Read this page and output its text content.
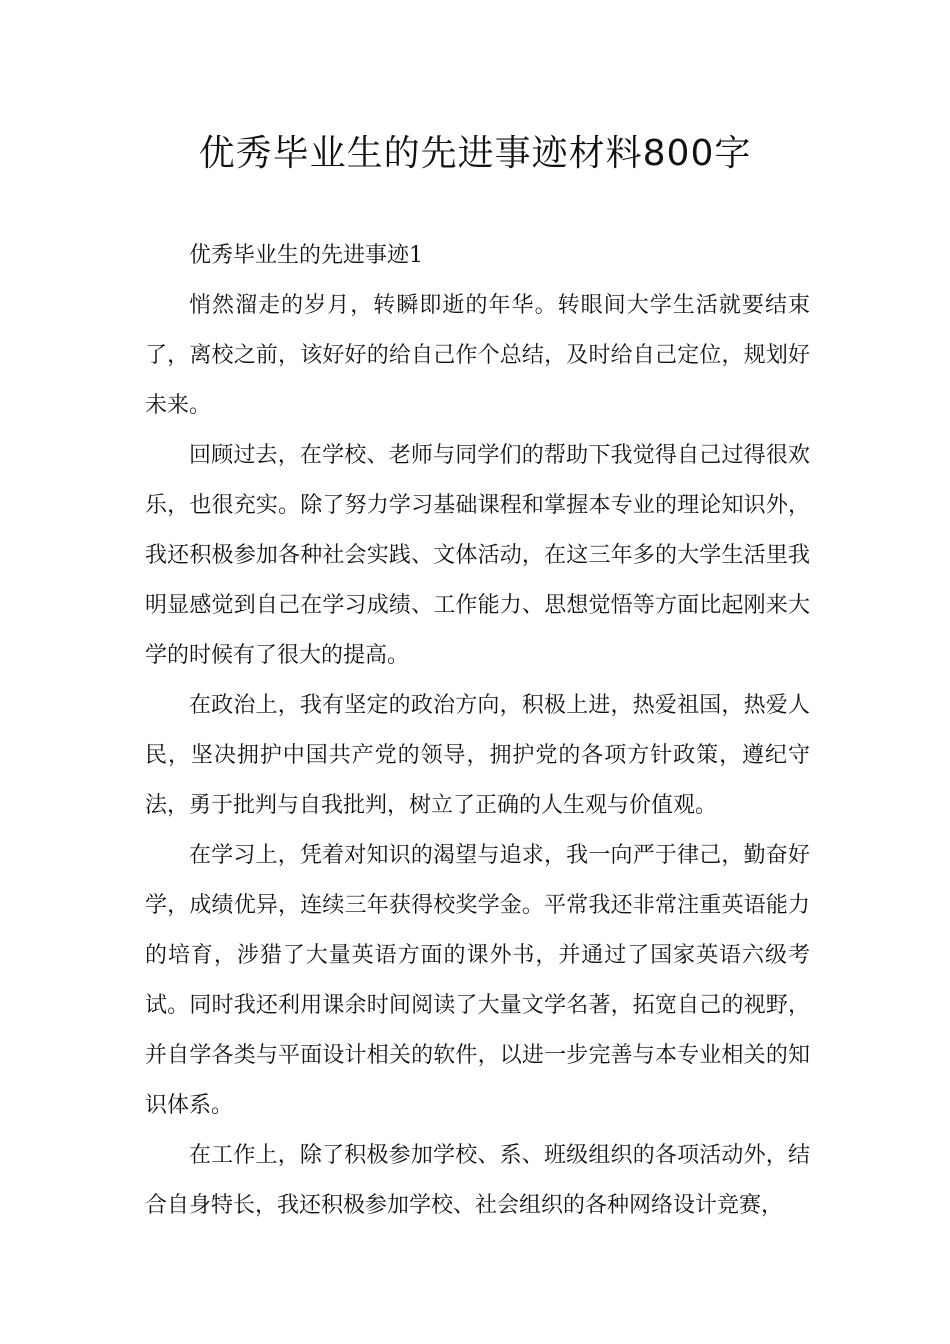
优秀毕业生的先进事迹材料800字

优秀毕业生的先进事迹1

悄然溜走的岁月，转瞬即逝的年华。转眼间大学生活就要结束了，离校之前，该好好的给自己作个总结，及时给自己定位，规划好未来。

回顾过去，在学校、老师与同学们的帮助下我觉得自己过得很欢乐，也很充实。除了努力学习基础课程和掌握本专业的理论知识外，我还积极参加各种社会实践、文体活动，在这三年多的大学生活里我明显感觉到自己在学习成绩、工作能力、思想觉悟等方面比起刚来大学的时候有了很大的提高。

在政治上，我有坚定的政治方向，积极上进，热爱祖国，热爱人民，坚决拥护中国共产党的领导，拥护党的各项方针政策，遵纪守法，勇于批判与自我批判，树立了正确的人生观与价值观。

在学习上，凭着对知识的渴望与追求，我一向严于律己，勤奋好学，成绩优异，连续三年获得校奖学金。平常我还非常注重英语能力的培育，涉猎了大量英语方面的课外书，并通过了国家英语六级考试。同时我还利用课余时间阅读了大量文学名著，拓宽自己的视野，并自学各类与平面设计相关的软件，以进一步完善与本专业相关的知识体系。

在工作上，除了积极参加学校、系、班级组织的各项活动外，结合自身特长，我还积极参加学校、社会组织的各种网络设计竞赛，
